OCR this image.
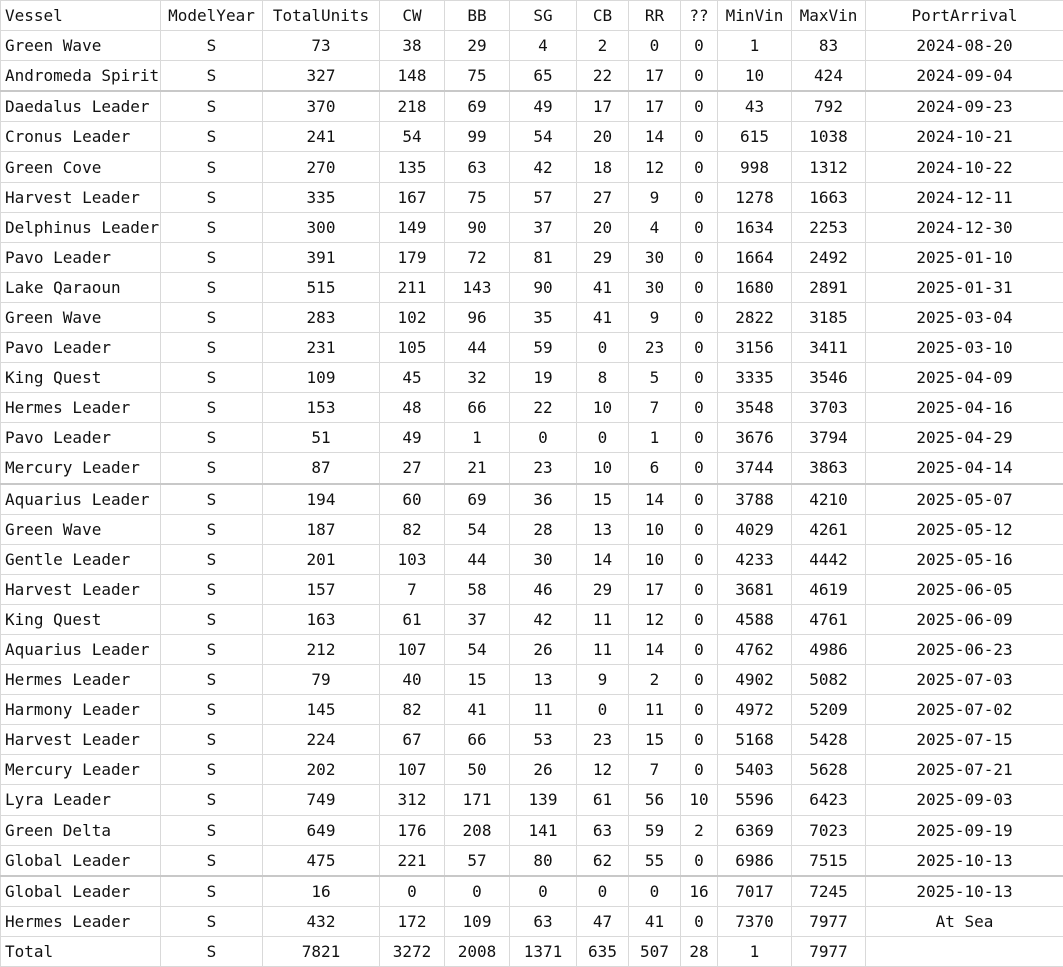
Vessel	ModelYear	TotalUnits	CW	BB	SG	CB	RR	??	MinVin	MaxVin	PortArrival
Green Wave	S	73	38	29	4	2	0	0	1	83	2024-08-20
Andromeda Spirit	S	327	148	75	65	22	17	0	10	424	2024-09-04
Daedalus Leader	S	370	218	69	49	17	17	0	43	792	2024-09-23
Cronus Leader	S	241	54	99	54	20	14	0	615	1038	2024-10-21
Green Cove	S	270	135	63	42	18	12	0	998	1312	2024-10-22
Harvest Leader	S	335	167	75	57	27	9	0	1278	1663	2024-12-11
Delphinus Leader	S	300	149	90	37	20	4	0	1634	2253	2024-12-30
Pavo Leader	S	391	179	72	81	29	30	0	1664	2492	2025-01-10
Lake Qaraoun	S	515	211	143	90	41	30	0	1680	2891	2025-01-31
Green Wave	S	283	102	96	35	41	9	0	2822	3185	2025-03-04
Pavo Leader	S	231	105	44	59	0	23	0	3156	3411	2025-03-10
King Quest	S	109	45	32	19	8	5	0	3335	3546	2025-04-09
Hermes Leader	S	153	48	66	22	10	7	0	3548	3703	2025-04-16
Pavo Leader	S	51	49	1	0	0	1	0	3676	3794	2025-04-29
Mercury Leader	S	87	27	21	23	10	6	0	3744	3863	2025-04-14
Aquarius Leader	S	194	60	69	36	15	14	0	3788	4210	2025-05-07
Green Wave	S	187	82	54	28	13	10	0	4029	4261	2025-05-12
Gentle Leader	S	201	103	44	30	14	10	0	4233	4442	2025-05-16
Harvest Leader	S	157	7	58	46	29	17	0	3681	4619	2025-06-05
King Quest	S	163	61	37	42	11	12	0	4588	4761	2025-06-09
Aquarius Leader	S	212	107	54	26	11	14	0	4762	4986	2025-06-23
Hermes Leader	S	79	40	15	13	9	2	0	4902	5082	2025-07-03
Harmony Leader	S	145	82	41	11	0	11	0	4972	5209	2025-07-02
Harvest Leader	S	224	67	66	53	23	15	0	5168	5428	2025-07-15
Mercury Leader	S	202	107	50	26	12	7	0	5403	5628	2025-07-21
Lyra Leader	S	749	312	171	139	61	56	10	5596	6423	2025-09-03
Green Delta	S	649	176	208	141	63	59	2	6369	7023	2025-09-19
Global Leader	S	475	221	57	80	62	55	0	6986	7515	2025-10-13
Global Leader	S	16	0	0	0	0	0	16	7017	7245	2025-10-13
Hermes Leader	S	432	172	109	63	47	41	0	7370	7977	At Sea
Total	S	7821	3272	2008	1371	635	507	28	1	7977	
